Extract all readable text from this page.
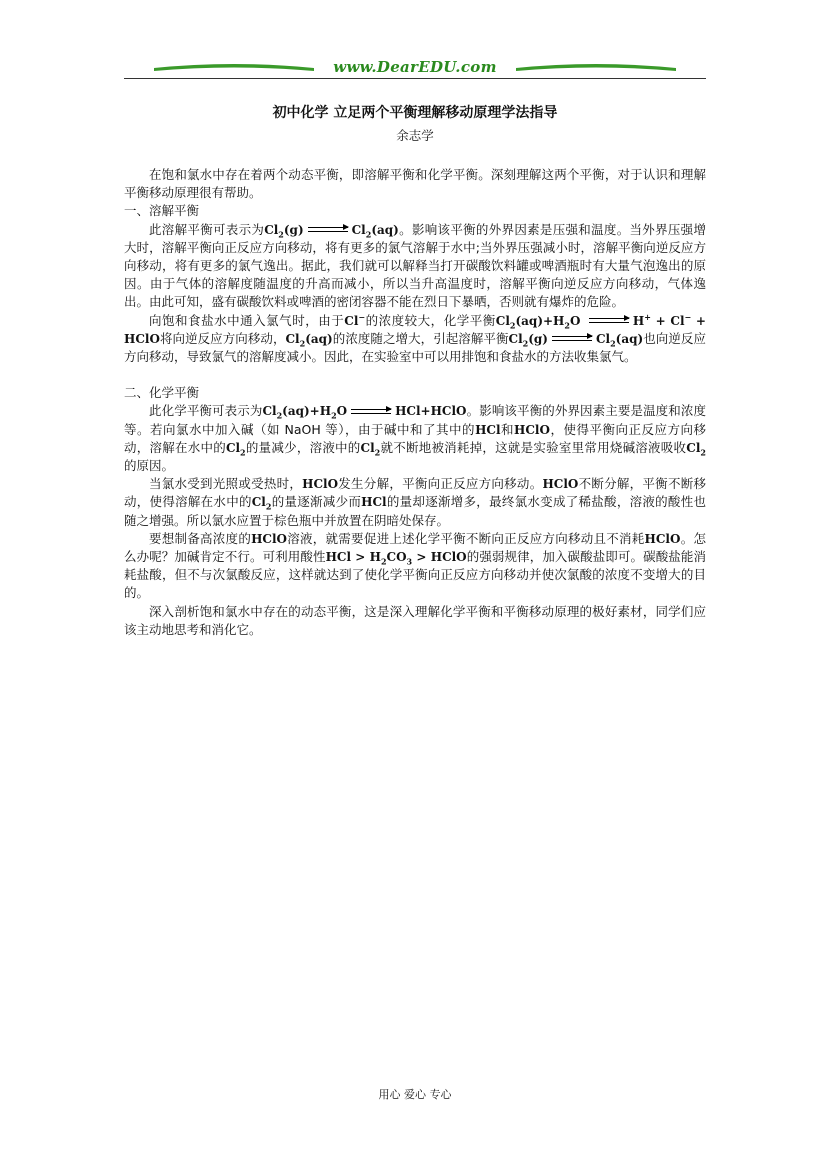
www.DearEDU.com
初中化学 立足两个平衡理解移动原理学法指导
余志学

在饱和氯水中存在着两个动态平衡，即溶解平衡和化学平衡。深刻理解这两个平衡，对于认识和理解平衡移动原理很有帮助。

一、溶解平衡

此溶解平衡可表示为$Cl_2(g)$	$Cl_2(aq)$。影响该平衡的外界因素是压强和温度。当外界压强增大时，溶解平衡向正反应方向移动，将有更多的氯气溶解于水中;当外界压强减小时，溶解平衡向逆反应方向移动，将有更多的氯气逸出。据此，我们就可以解释当打开碳酸饮料罐或啤酒瓶时有大量气泡逸出的原因。由于气体的溶解度随温度的升高而减小，所以当升高温度时，溶解平衡向逆反应方向移动，气体逸出。由此可知，盛有碳酸饮料或啤酒的密闭容器不能在烈日下暴晒，否则就有爆炸的危险。

向饱和食盐水中通入氯气时，由于Cl−的浓度较大，化学平衡$Cl_2(aq)+H_2O$	H+ + Cl− + HClO将向逆反应方向移动，$Cl_2(aq)$的浓度随之增大，引起溶解平衡$Cl_2(g)$	$Cl_2(aq)$也向逆反应方向移动，导致氯气的溶解度减小。因此，在实验室中可以用排饱和食盐水的方法收集氯气。

二、化学平衡

此化学平衡可表示为$Cl_2(aq)+H_2O$	HCl+HClO。影响该平衡的外界因素主要是温度和浓度等。若向氯水中加入碱（如 NaOH 等），由于碱中和了其中的HCl和HClO，使得平衡向正反应方向移动，溶解在水中的$Cl_2$的量减少，溶液中的$Cl_2$就不断地被消耗掉，这就是实验室里常用烧碱溶液吸收$Cl_2$的原因。

当氯水受到光照或受热时，HClO发生分解，平衡向正反应方向移动。HClO不断分解，平衡不断移动，使得溶解在水中的$Cl_2$的量逐渐减少而HCl的量却逐渐增多，最终氯水变成了稀盐酸，溶液的酸性也随之增强。所以氯水应置于棕色瓶中并放置在阴暗处保存。

要想制备高浓度的HClO溶液，就需要促进上述化学平衡不断向正反应方向移动且不消耗HClO。怎么办呢？加碱肯定不行。可利用酸性HCl > $H_2CO_3$ > HClO的强弱规律，加入碳酸盐即可。碳酸盐能消耗盐酸，但不与次氯酸反应，这样就达到了使化学平衡向正反应方向移动并使次氯酸的浓度不变增大的目的。

深入剖析饱和氯水中存在的动态平衡，这是深入理解化学平衡和平衡移动原理的极好素材，同学们应该主动地思考和消化它。

用心 爱心 专心
